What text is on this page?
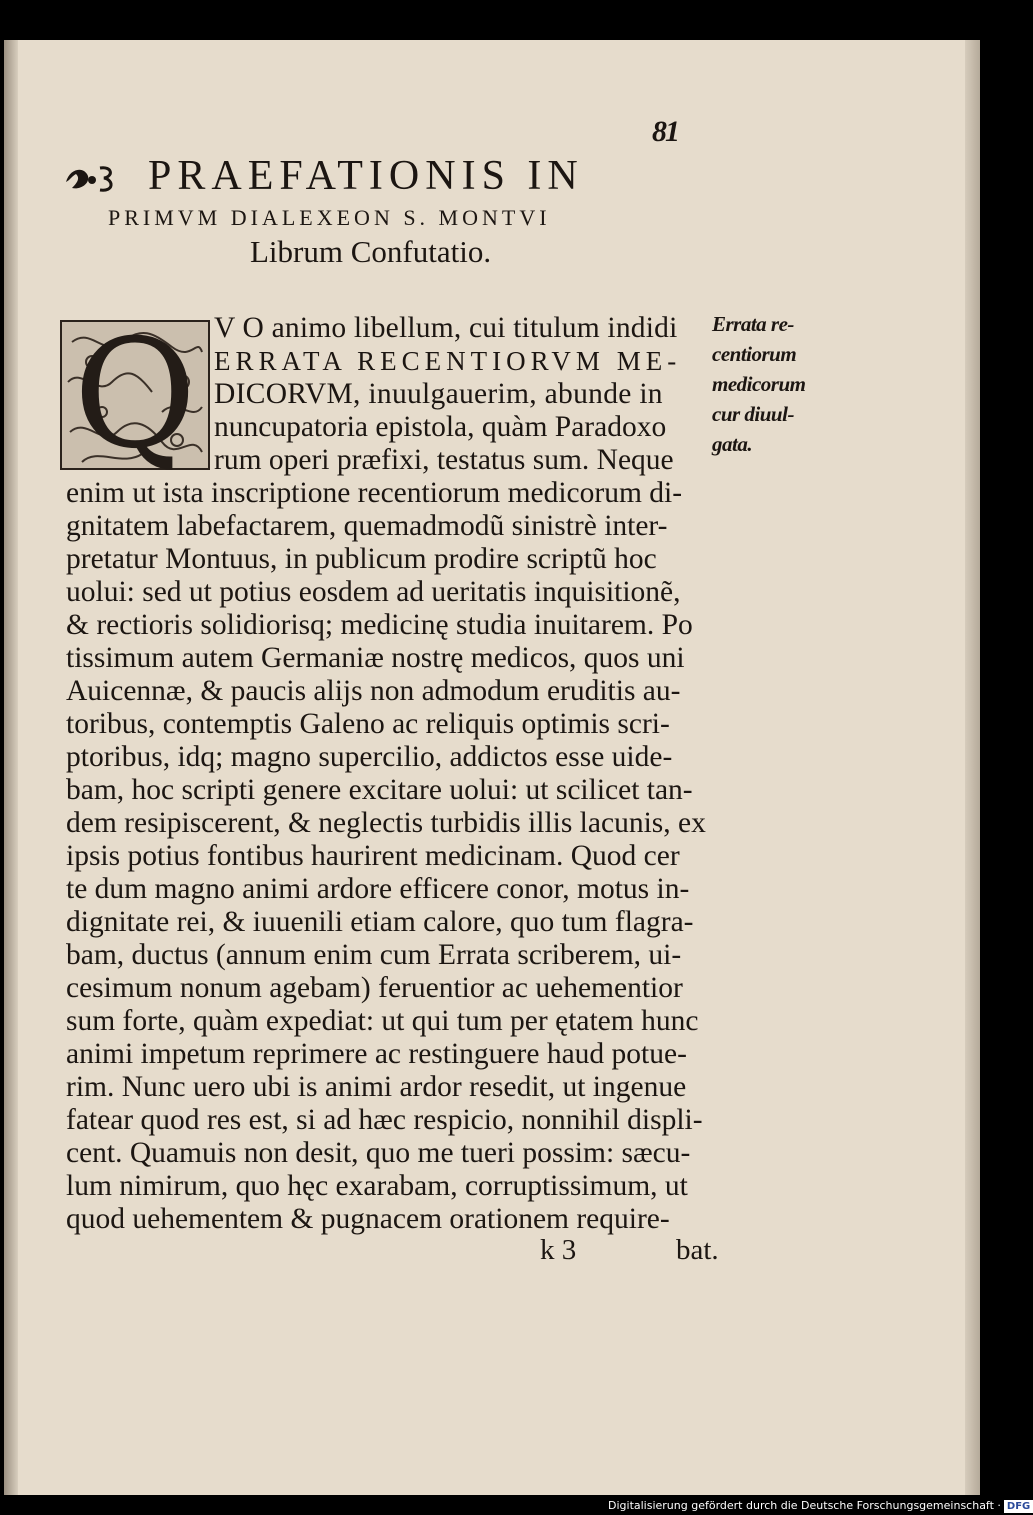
81
PRAEFATIONIS IN
PRIMVM DIALEXEON S. MONTVI
Librum Confutatio.
Q V O animo libellum, cui titulum indidi
ERRATA RECENTIORVM ME-
DICORVM, inuulgauerim, abunde in
nuncupatoria epistola, quàm Paradoxo
rum operi præfixi, testatus sum. Neque
Errata re-
centiorum
medicorum
cur diuul-
gata.
enim ut ista inscriptione recentiorum medicorum di-
gnitatem labefactarem, quemadmodũ sinistrè inter-
pretatur Montuus, in publicum prodire scriptũ hoc
uolui: sed ut potius eosdem ad ueritatis inquisitionẽ,
& rectioris solidiorisq; medicinę studia inuitarem. Po
tissimum autem Germaniæ nostrę medicos, quos uni
Auicennæ, & paucis alijs non admodum eruditis au-
toribus, contemptis Galeno ac reliquis optimis scri-
ptoribus, idq; magno supercilio, addictos esse uide-
bam, hoc scripti genere excitare uolui: ut scilicet tan-
dem resipiscerent, & neglectis turbidis illis lacunis, ex
ipsis potius fontibus haurirent medicinam. Quod cer
te dum magno animi ardore efficere conor, motus in-
dignitate rei, & iuuenili etiam calore, quo tum flagra-
bam, ductus (annum enim cum Errata scriberem, ui-
cesimum nonum agebam) feruentior ac uehementior
sum forte, quàm expediat: ut qui tum per ętatem hunc
animi impetum reprimere ac restinguere haud potue-
rim. Nunc uero ubi is animi ardor resedit, ut ingenue
fatear quod res est, si ad hæc respicio, nonnihil displi-
cent. Quamuis non desit, quo me tueri possim: sæcu-
lum nimirum, quo hęc exarabam, corruptissimum, ut
quod uehementem & pugnacem orationem require-
k 3	bat.
Digitalisierung gefördert durch die Deutsche Forschungsgemeinschaft · DFG
